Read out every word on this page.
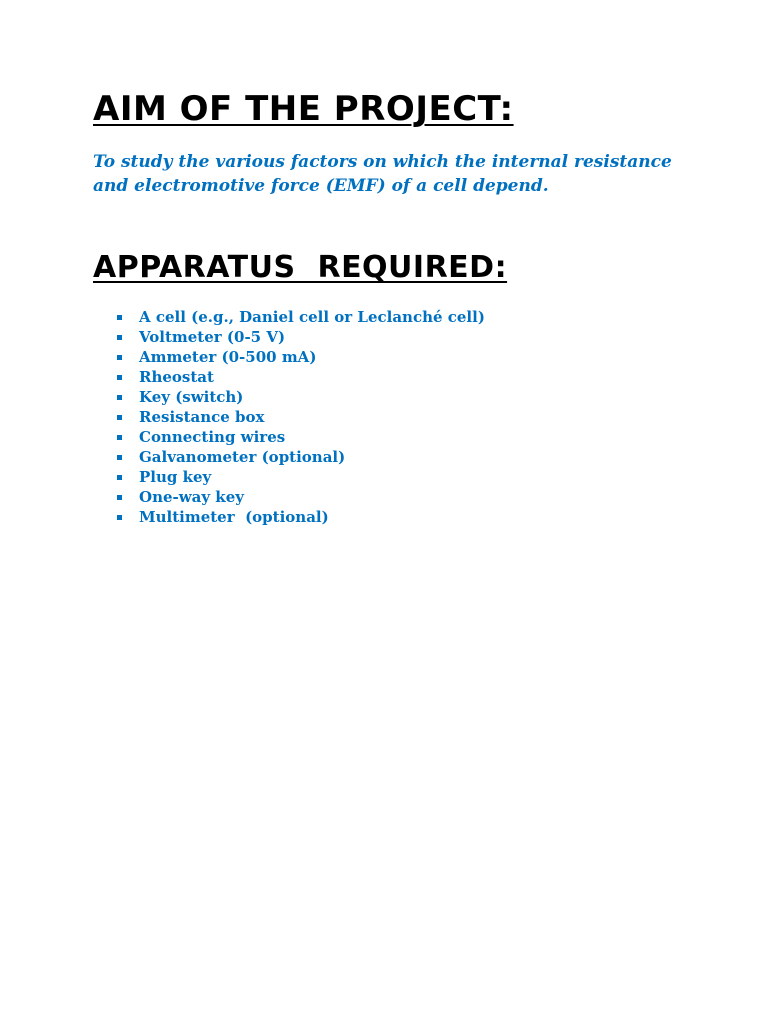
AIM OF THE PROJECT:

To study the various factors on which the internal resistance and electromotive force (EMF) of a cell depend.

APPARATUS  REQUIRED:
A cell (e.g., Daniel cell or Leclanché cell)
Voltmeter (0-5 V)
Ammeter (0-500 mA)
Rheostat
Key (switch)
Resistance box
Connecting wires
Galvanometer (optional)
Plug key
One-way key
Multimeter  (optional)
